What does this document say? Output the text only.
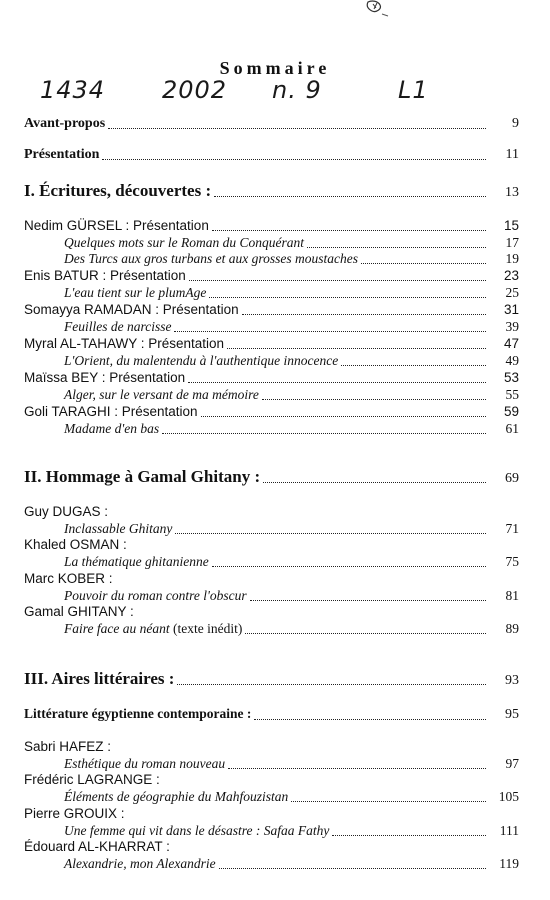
Sommaire
1434 2002 n. 9	L1
Avant-propos	9
Présentation	11
I. Écritures, découvertes :	13
Nedim GÜRSEL : Présentation	15
Quelques mots sur le Roman du Conquérant	17
Des Turcs aux gros turbans et aux grosses moustaches	19
Enis BATUR : Présentation	23
L'eau tient sur le plumAge	25
Somayya RAMADAN : Présentation	31
Feuilles de narcisse	39
Myral AL-TAHAWY : Présentation	47
L'Orient, du malentendu à l'authentique innocence	49
Maïssa BEY : Présentation	53
Alger, sur le versant de ma mémoire	55
Goli TARAGHI : Présentation	59
Madame d'en bas	61
II. Hommage à Gamal Ghitany :	69
Guy DUGAS :
Inclassable Ghitany	71
Khaled OSMAN :
La thématique ghitanienne	75
Marc KOBER :
Pouvoir du roman contre l'obscur	81
Gamal GHITANY :
Faire face au néant (texte inédit)	89
III. Aires littéraires :	93
Littérature égyptienne contemporaine :	95
Sabri HAFEZ :
Esthétique du roman nouveau	97
Frédéric LAGRANGE :
Éléments de géographie du Mahfouzistan	105
Pierre GROUIX :
Une femme qui vit dans le désastre : Safaa Fathy	111
Édouard AL-KHARRAT :
Alexandrie, mon Alexandrie	119
